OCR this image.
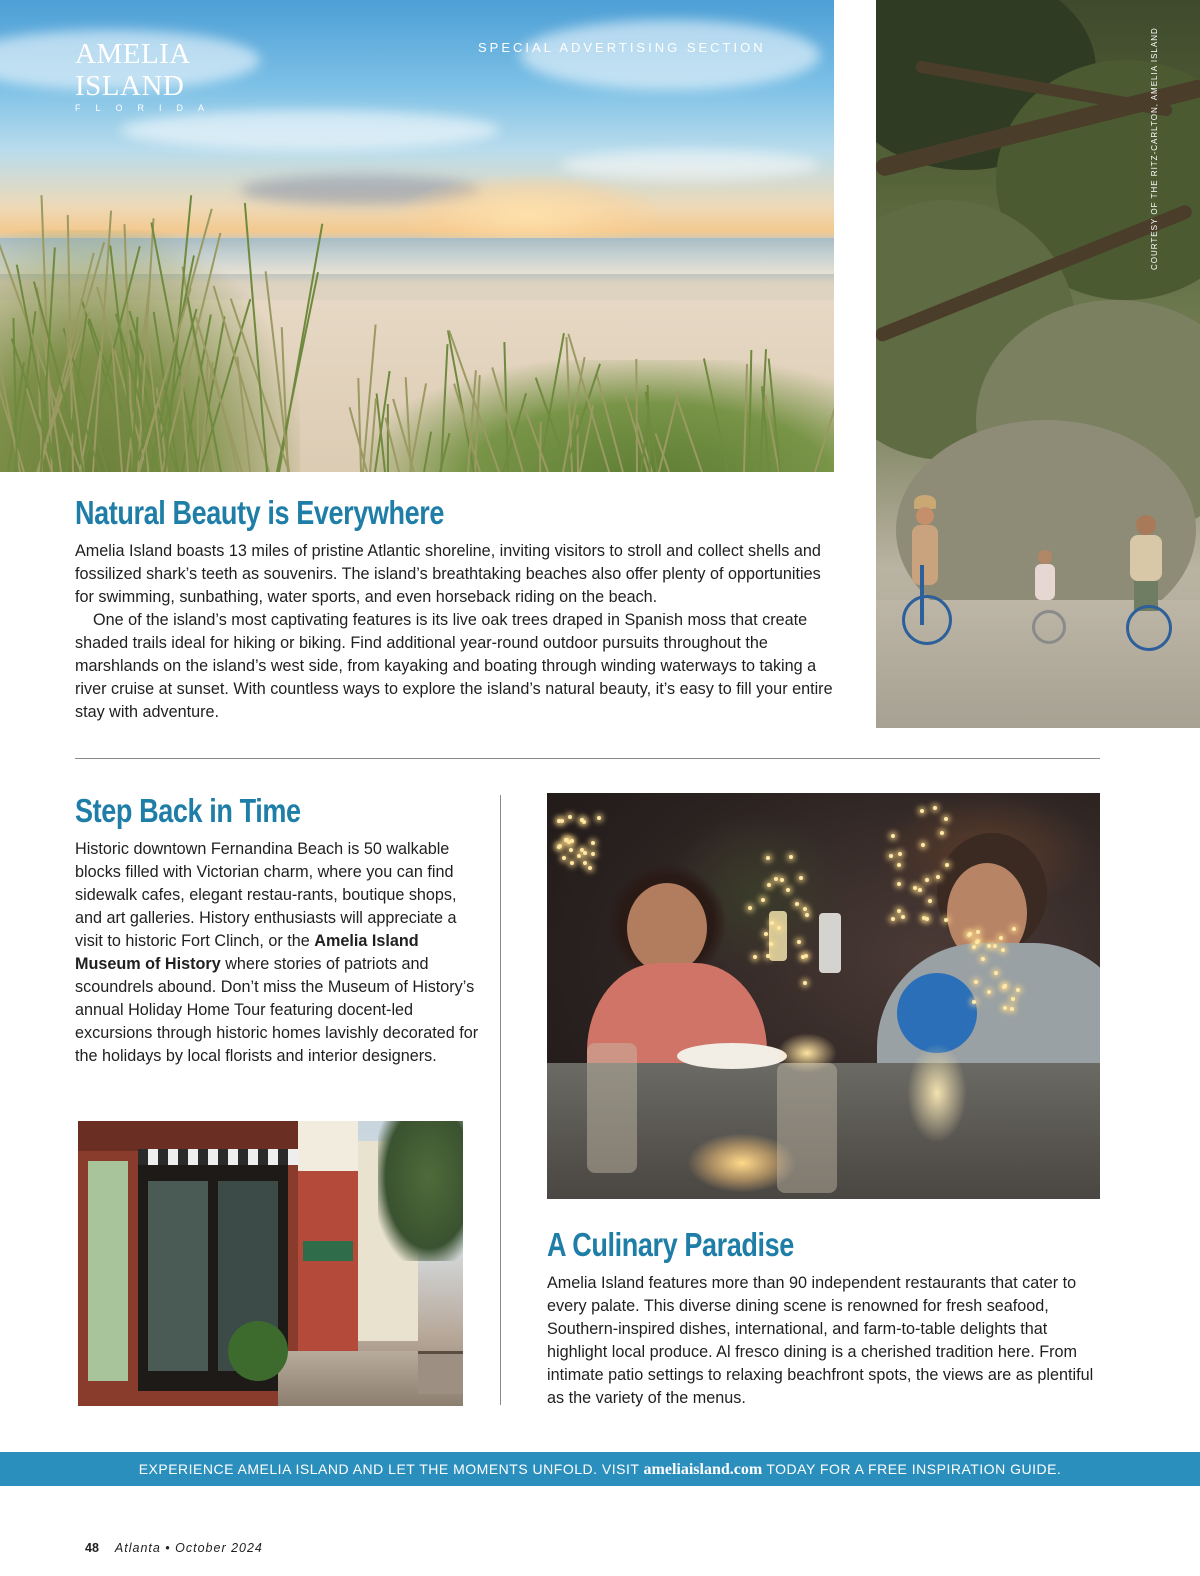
AMELIA ISLAND
FLORIDA
SPECIAL ADVERTISING SECTION	COURTESY OF THE RITZ-CARLTON, AMELIA ISLAND
Natural Beauty is Everywhere

Amelia Island boasts 13 miles of pristine Atlantic shoreline, inviting visitors to stroll and collect shells and fossilized shark’s teeth as souvenirs. The island’s breathtaking beaches also offer plenty of opportunities for swimming, sunbathing, water sports, and even horseback riding on the beach.

One of the island’s most captivating features is its live oak trees draped in Spanish moss that create shaded trails ideal for hiking or biking. Find additional year-round outdoor pursuits throughout the marshlands on the island’s west side, from kayaking and boating through winding waterways to taking a river cruise at sunset. With countless ways to explore the island’s natural beauty, it’s easy to fill your entire stay with adventure.

Step Back in Time
Historic downtown Fernandina Beach is 50 walkable blocks filled with Victorian charm, where you can find sidewalk cafes, elegant restau-rants, boutique shops, and art galleries. History enthusiasts will appreciate a visit to historic Fort Clinch, or the Amelia Island Museum of History where stories of patriots and scoundrels abound. Don’t miss the Museum of History’s annual Holiday Home Tour featuring docent-led excursions through historic homes lavishly decorated for the holidays by local florists and interior designers.
A Culinary Paradise
Amelia Island features more than 90 independent restaurants that cater to every palate. This diverse dining scene is renowned for fresh seafood, Southern-inspired dishes, international, and farm-to-table delights that highlight local produce. Al fresco dining is a cherished tradition here. From intimate patio settings to relaxing beachfront spots, the views are as plentiful as the variety of the menus.
EXPERIENCE AMELIA ISLAND AND LET THE MOMENTS UNFOLD. VISIT ameliaisland.com TODAY FOR A FREE INSPIRATION GUIDE.
48 Atlanta • October 2024
